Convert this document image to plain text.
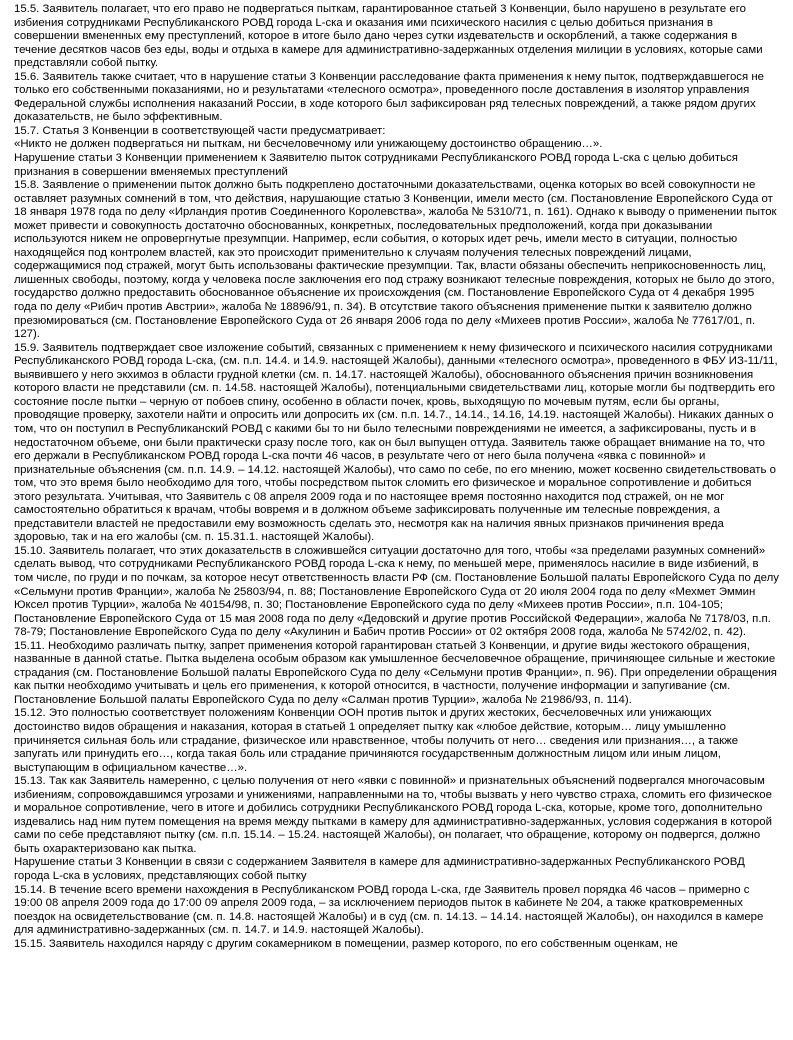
15.5. Заявитель полагает, что его право не подвергаться пыткам, гарантированное статьей 3 Конвенции, было нарушено в результате его избиения сотрудниками Республиканского РОВД города L-ска и оказания ими психического насилия с целью добиться признания в совершении вмененных ему преступлений, которое в итоге было дано через сутки издевательств и оскорблений, а также содержания в течение десятков часов без еды, воды и отдыха в камере для административно-задержанных отделения милиции в условиях, которые сами представляли собой пытку.

15.6. Заявитель также считает, что в нарушение статьи 3 Конвенции расследование факта применения к нему пыток, подтверждавшегося не только его собственными показаниями, но и результатами «телесного осмотра», проведенного после доставления в изолятор управления Федеральной службы исполнения наказаний России, в ходе которого был зафиксирован ряд телесных повреждений, а также рядом других доказательств, не было эффективным.

15.7. Статья 3 Конвенции в соответствующей части предусматривает:

«Никто не должен подвергаться ни пыткам, ни бесчеловечному или унижающему достоинство обращению…».

Нарушение статьи 3 Конвенции применением к Заявителю пыток сотрудниками Республиканского РОВД города L-ска с целью добиться признания в совершении вменяемых преступлений

15.8. Заявление о применении пыток должно быть подкреплено достаточными доказательствами, оценка которых во всей совокупности не оставляет разумных сомнений в том, что действия, нарушающие статью 3 Конвенции, имели место (см. Постановление Европейского Суда от 18 января 1978 года по делу «Ирландия против Соединенного Королевства», жалоба № 5310/71, п. 161). Однако к выводу о применении пыток может привести и совокупность достаточно обоснованных, конкретных, последовательных предположений, когда при доказывании используются никем не опровергнутые презумпции. Например, если события, о которых идет речь, имели место в ситуации, полностью находящейся под контролем властей, как это происходит применительно к случаям получения телесных повреждений лицами, содержащимися под стражей, могут быть использованы фактические презумпции. Так, власти обязаны обеспечить неприкосновенность лиц, лишенных свободы, поэтому, когда у человека после заключения его под стражу возникают телесные повреждения, которых не было до этого, государство должно предоставить обоснованное объяснение их происхождения (см. Постановление Европейского Суда от 4 декабря 1995 года по делу «Рибич против Австрии», жалоба № 18896/91, п. 34). В отсутствие такого объяснения применение пытки к заявителю должно презюмироваться (см. Постановление Европейского Суда от 26 января 2006 года по делу «Михеев против России», жалоба № 77617/01, п. 127).

15.9. Заявитель подтверждает свое изложение событий, связанных с применением к нему физического и психического насилия сотрудниками Республиканского РОВД города L-ска, (см. п.п. 14.4. и 14.9. настоящей Жалобы), данными «телесного осмотра», проведенного в ФБУ ИЗ-11/11, выявившего у него экхимоз в области грудной клетки (см. п. 14.17. настоящей Жалобы), обоснованного объяснения причин возникновения которого власти не представили (см. п. 14.58. настоящей Жалобы), потенциальными свидетельствами лиц, которые могли бы подтвердить его состояние после пытки – черную от побоев спину, особенно в области почек, кровь, выходящую по мочевым путям, если бы органы, проводящие проверку, захотели найти и опросить или допросить их (см. п.п. 14.7., 14.14., 14.16, 14.19. настоящей Жалобы). Никаких данных о том, что он поступил в Республиканский РОВД с какими бы то ни было телесными повреждениями не имеется, а зафиксированы, пусть и в недостаточном объеме, они были практически сразу после того, как он был выпущен оттуда. Заявитель также обращает внимание на то, что его держали в Республиканском РОВД города L-ска почти 46 часов, в результате чего от него была получена «явка с повинной» и признательные объяснения (см. п.п. 14.9. – 14.12. настоящей Жалобы), что само по себе, по его мнению, может косвенно свидетельствовать о том, что это время было необходимо для того, чтобы посредством пыток сломить его физическое и моральное сопротивление и добиться этого результата. Учитывая, что Заявитель с 08 апреля 2009 года и по настоящее время постоянно находится под стражей, он не мог самостоятельно обратиться к врачам, чтобы вовремя и в должном объеме зафиксировать полученные им телесные повреждения, а представители властей не предоставили ему возможность сделать это, несмотря как на наличия явных признаков причинения вреда здоровью, так и на его жалобы (см. п. 15.31.1. настоящей Жалобы).

15.10. Заявитель полагает, что этих доказательств в сложившейся ситуации достаточно для того, чтобы «за пределами разумных сомнений» сделать вывод, что сотрудниками Республиканского РОВД города L-ска к нему, по меньшей мере, применялось насилие в виде избиений, в том числе, по груди и по почкам, за которое несут ответственность власти РФ (см. Постановление Большой палаты Европейского Суда по делу «Сельмуни против Франции», жалоба № 25803/94, п. 88; Постановление Европейского Суда от 20 июля 2004 года по делу «Мехмет Эммин Юксел против Турции», жалоба № 40154/98, п. 30; Постановление Европейского суда по делу «Михеев против России», п.п. 104-105; Постановление Европейского Суда от 15 мая 2008 года по делу «Дедовский и другие против Российской Федерации», жалоба № 7178/03, п.п. 78-79; Постановление Европейского Суда по делу «Акулинин и Бабич против России» от 02 октября 2008 года, жалоба № 5742/02, п. 42).

15.11. Необходимо различать пытку, запрет применения которой гарантирован статьей 3 Конвенции, и другие виды жестокого обращения, названные в данной статье. Пытка выделена особым образом как умышленное бесчеловечное обращение, причиняющее сильные и жестокие страдания (см. Постановление Большой палаты Европейского Суда по делу «Сельмуни против Франции», п. 96). При определении обращения как пытки необходимо учитывать и цель его применения, к которой относится, в частности, получение информации и запугивание (см. Постановление Большой палаты Европейского Суда по делу «Салман против Турции», жалоба № 21986/93, п. 114).

15.12. Это полностью соответствует положениям Конвенции ООН против пыток и других жестоких, бесчеловечных или унижающих достоинство видов обращения и наказания, которая в статьей 1 определяет пытку как «любое действие, которым… лицу умышленно причиняется сильная боль или страдание, физическое или нравственное, чтобы получить от него… сведения или признания…, а также запугать или принудить его…, когда такая боль или страдание причиняются государственным должностным лицом или иным лицом, выступающим в официальном качестве…».

15.13. Так как Заявитель намеренно, с целью получения от него «явки с повинной» и признательных объяснений подвергался многочасовым избиениям, сопровождавшимся угрозами и унижениями, направленными на то, чтобы вызвать у него чувство страха, сломить его физическое и моральное сопротивление, чего в итоге и добились сотрудники Республиканского РОВД города L-ска, которые, кроме того, дополнительно издевались над ним путем помещения на время между пытками в камеру для административно-задержанных, условия содержания в которой сами по себе представляют пытку (см. п.п. 15.14. – 15.24. настоящей Жалобы), он полагает, что обращение, которому он подвергся, должно быть охарактеризовано как пытка.

Нарушение статьи 3 Конвенции в связи с содержанием Заявителя в камере для административно-задержанных Республиканского РОВД города L-ска в условиях, представляющих собой пытку

15.14. В течение всего времени нахождения в Республиканском РОВД города L-ска, где Заявитель провел порядка 46 часов – примерно с 19:00 08 апреля 2009 года до 17:00 09 апреля 2009 года, – за исключением периодов пыток в кабинете № 204, а также кратковременных поездок на освидетельствование (см. п. 14.8. настоящей Жалобы) и в суд (см. п. 14.13. – 14.14. настоящей Жалобы), он находился в камере для административно-задержанных (см. п. 14.7. и 14.9. настоящей Жалобы).

15.15. Заявитель находился наряду с другим сокамерником в помещении, размер которого, по его собственным оценкам, не
